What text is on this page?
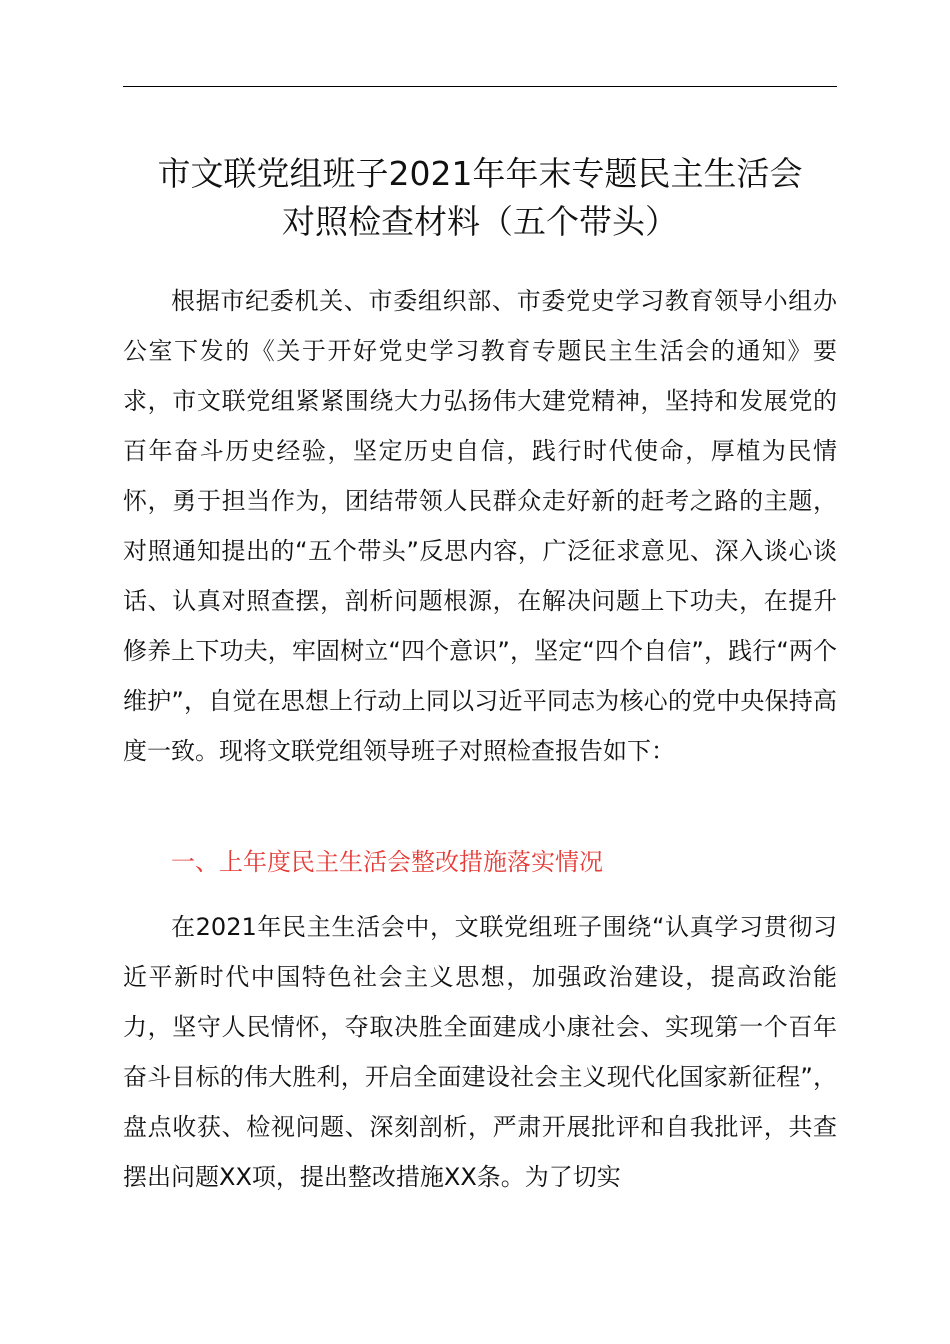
市文联党组班子2021年年末专题民主生活会
对照检查材料（五个带头）

根据市纪委机关、市委组织部、市委党史学习教育领导小组办公室下发的《关于开好党史学习教育专题民主生活会的通知》要求，市文联党组紧紧围绕大力弘扬伟大建党精神，坚持和发展党的百年奋斗历史经验，坚定历史自信，践行时代使命，厚植为民情怀，勇于担当作为，团结带领人民群众走好新的赶考之路的主题，对照通知提出的“五个带头”反思内容，广泛征求意见、深入谈心谈话、认真对照查摆，剖析问题根源，在解决问题上下功夫，在提升修养上下功夫，牢固树立“四个意识”，坚定“四个自信”，践行“两个维护”，自觉在思想上行动上同以习近平同志为核心的党中央保持高度一致。现将文联党组领导班子对照检查报告如下：

一、上年度民主生活会整改措施落实情况

在2021年民主生活会中，文联党组班子围绕“认真学习贯彻习近平新时代中国特色社会主义思想，加强政治建设，提高政治能力，坚守人民情怀，夺取决胜全面建成小康社会、实现第一个百年奋斗目标的伟大胜利，开启全面建设社会主义现代化国家新征程”，盘点收获、检视问题、深刻剖析，严肃开展批评和自我批评，共查摆出问题XX项，提出整改措施XX条。为了切实
